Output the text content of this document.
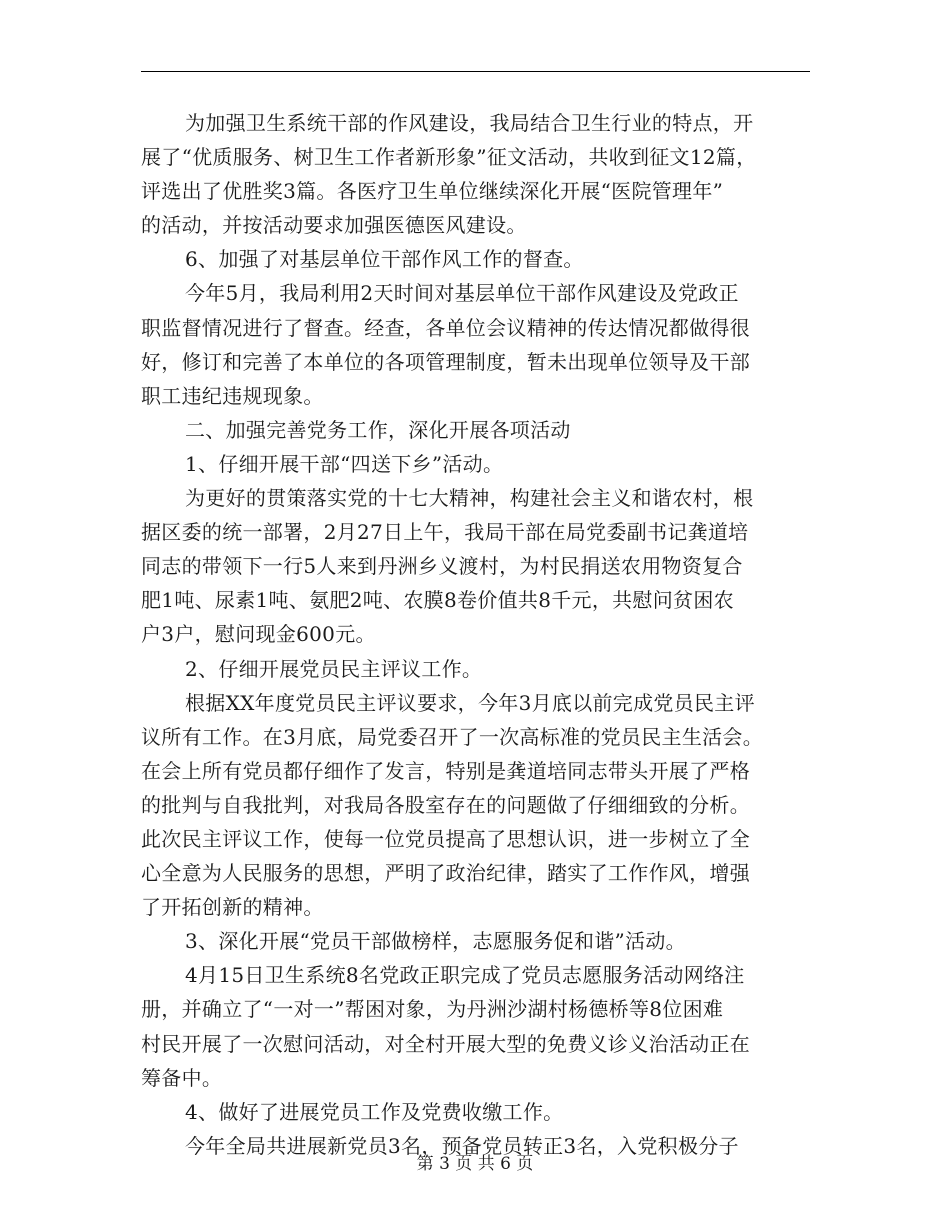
为加强卫生系统干部的作风建设，我局结合卫生行业的特点，开
展了“优质服务、树卫生工作者新形象”征文活动，共收到征文12篇，
评选出了优胜奖3篇。各医疗卫生单位继续深化开展“医院管理年”
的活动，并按活动要求加强医德医风建设。
6、加强了对基层单位干部作风工作的督查。
今年5月，我局利用2天时间对基层单位干部作风建设及党政正
职监督情况进行了督查。经查，各单位会议精神的传达情况都做得很
好，修订和完善了本单位的各项管理制度，暂未出现单位领导及干部
职工违纪违规现象。
二、加强完善党务工作，深化开展各项活动
1、仔细开展干部“四送下乡”活动。
为更好的贯策落实党的十七大精神，构建社会主义和谐农村，根
据区委的统一部署，2月27日上午，我局干部在局党委副书记龚道培
同志的带领下一行5人来到丹洲乡义渡村，为村民捐送农用物资复合
肥1吨、尿素1吨、氨肥2吨、农膜8卷价值共8千元，共慰问贫困农
户3户，慰问现金600元。
2、仔细开展党员民主评议工作。
根据XX年度党员民主评议要求，今年3月底以前完成党员民主评
议所有工作。在3月底，局党委召开了一次高标准的党员民主生活会。
在会上所有党员都仔细作了发言，特别是龚道培同志带头开展了严格
的批判与自我批判，对我局各股室存在的问题做了仔细细致的分析。
此次民主评议工作，使每一位党员提高了思想认识，进一步树立了全
心全意为人民服务的思想，严明了政治纪律，踏实了工作作风，增强
了开拓创新的精神。
3、深化开展“党员干部做榜样，志愿服务促和谐”活动。
4月15日卫生系统8名党政正职完成了党员志愿服务活动网络注
册，并确立了“一对一”帮困对象，为丹洲沙湖村杨德桥等8位困难
村民开展了一次慰问活动，对全村开展大型的免费义诊义治活动正在
筹备中。
4、做好了进展党员工作及党费收缴工作。
今年全局共进展新党员3名，预备党员转正3名，入党积极分子
第 3 页 共 6 页
